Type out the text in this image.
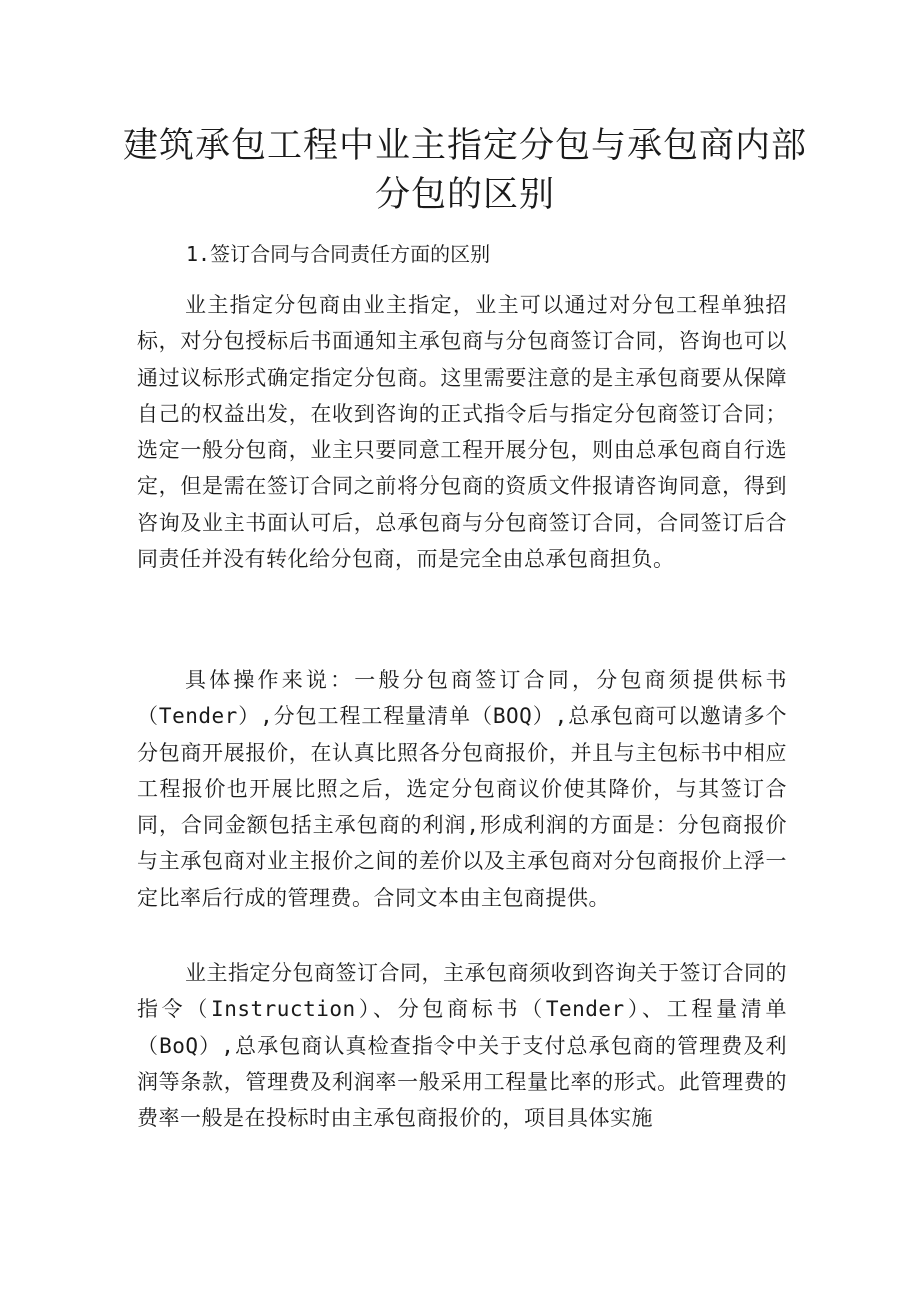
建筑承包工程中业主指定分包与承包商内部分包的区别
1.签订合同与合同责任方面的区别

业主指定分包商由业主指定，业主可以通过对分包工程单独招标，对分包授标后书面通知主承包商与分包商签订合同，咨询也可以通过议标形式确定指定分包商。这里需要注意的是主承包商要从保障自己的权益出发，在收到咨询的正式指令后与指定分包商签订合同；选定一般分包商，业主只要同意工程开展分包，则由总承包商自行选定，但是需在签订合同之前将分包商的资质文件报请咨询同意，得到咨询及业主书面认可后，总承包商与分包商签订合同，合同签订后合同责任并没有转化给分包商，而是完全由总承包商担负。

具体操作来说：一般分包商签订合同，分包商须提供标书（Tender）,分包工程工程量清单（BOQ）,总承包商可以邀请多个分包商开展报价，在认真比照各分包商报价，并且与主包标书中相应工程报价也开展比照之后，选定分包商议价使其降价，与其签订合同，合同金额包括主承包商的利润,形成利润的方面是：分包商报价与主承包商对业主报价之间的差价以及主承包商对分包商报价上浮一定比率后行成的管理费。合同文本由主包商提供。

业主指定分包商签订合同，主承包商须收到咨询关于签订合同的指令（Instruction）、分包商标书（Tender）、工程量清单（BoQ）,总承包商认真检查指令中关于支付总承包商的管理费及利润等条款，管理费及利润率一般采用工程量比率的形式。此管理费的费率一般是在投标时由主承包商报价的，项目具体实施
